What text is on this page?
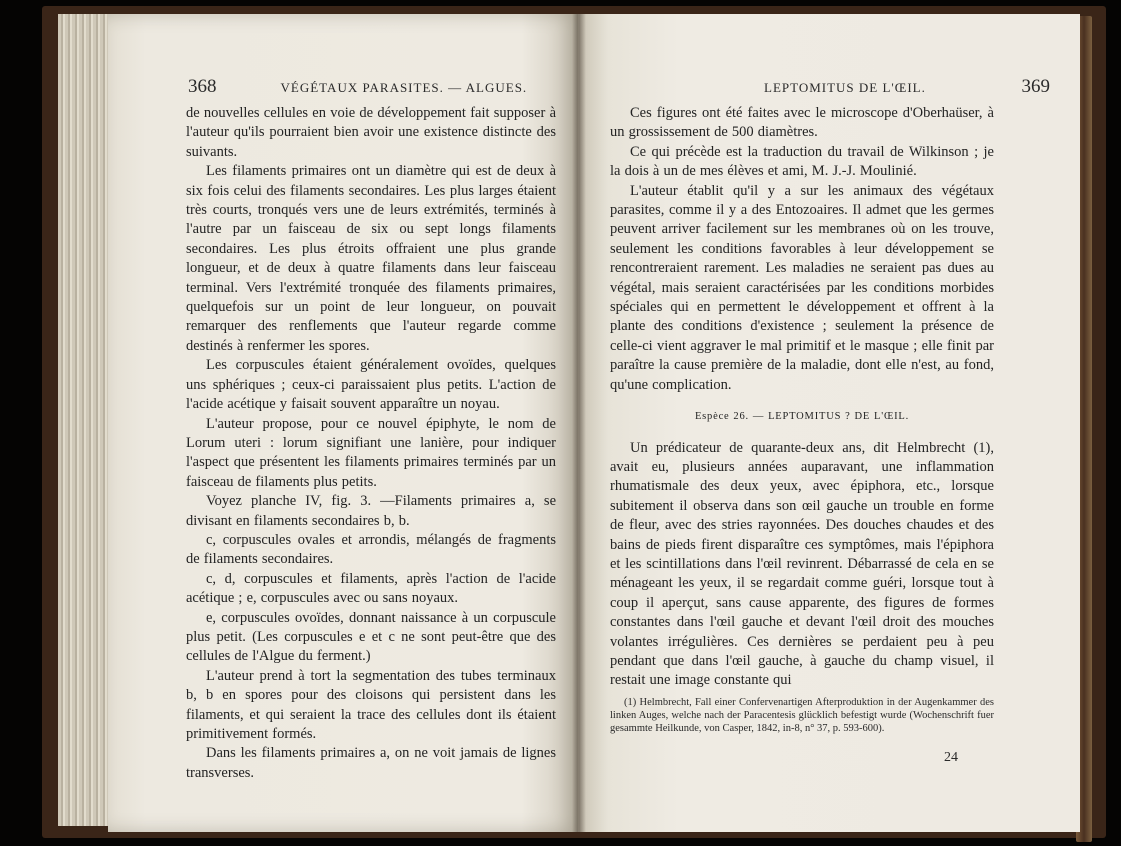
368	VÉGÉTAUX PARASITES. — ALGUES.

de nouvelles cellules en voie de développement fait supposer à l'auteur qu'ils pourraient bien avoir une existence distincte des suivants.

Les filaments primaires ont un diamètre qui est de deux à six fois celui des filaments secondaires. Les plus larges étaient très courts, tronqués vers une de leurs extrémités, terminés à l'autre par un faisceau de six ou sept longs filaments secondaires. Les plus étroits offraient une plus grande longueur, et de deux à quatre filaments dans leur faisceau terminal. Vers l'extrémité tronquée des filaments primaires, quelquefois sur un point de leur longueur, on pouvait remarquer des renflements que l'auteur regarde comme destinés à renfermer les spores.

Les corpuscules étaient généralement ovoïdes, quelques uns sphériques ; ceux-ci paraissaient plus petits. L'action de l'acide acétique y faisait souvent apparaître un noyau.

L'auteur propose, pour ce nouvel épiphyte, le nom de Lorum uteri : lorum signifiant une lanière, pour indiquer l'aspect que présentent les filaments primaires terminés par un faisceau de filaments plus petits.

Voyez planche IV, fig. 3. —Filaments primaires a, se divisant en filaments secondaires b, b.

c, corpuscules ovales et arrondis, mélangés de fragments de filaments secondaires.

c, d, corpuscules et filaments, après l'action de l'acide acétique ; e, corpuscules avec ou sans noyaux.

e, corpuscules ovoïdes, donnant naissance à un corpuscule plus petit. (Les corpuscules e et c ne sont peut-être que des cellules de l'Algue du ferment.)

L'auteur prend à tort la segmentation des tubes terminaux b, b en spores pour des cloisons qui persistent dans les filaments, et qui seraient la trace des cellules dont ils étaient primitivement formés.

Dans les filaments primaires a, on ne voit jamais de lignes transverses.

LEPTOMITUS DE L'ŒIL.	369

Ces figures ont été faites avec le microscope d'Oberhaüser, à un grossissement de 500 diamètres.

Ce qui précède est la traduction du travail de Wilkinson ; je la dois à un de mes élèves et ami, M. J.-J. Moulinié.

L'auteur établit qu'il y a sur les animaux des végétaux parasites, comme il y a des Entozoaires. Il admet que les germes peuvent arriver facilement sur les membranes où on les trouve, seulement les conditions favorables à leur développement se rencontreraient rarement. Les maladies ne seraient pas dues au végétal, mais seraient caractérisées par les conditions morbides spéciales qui en permettent le développement et offrent à la plante des conditions d'existence ; seulement la présence de celle-ci vient aggraver le mal primitif et le masque ; elle finit par paraître la cause première de la maladie, dont elle n'est, au fond, qu'une complication.

Espèce 26. — LEPTOMITUS ? DE L'ŒIL.

Un prédicateur de quarante-deux ans, dit Helmbrecht (1), avait eu, plusieurs années auparavant, une inflammation rhumatismale des deux yeux, avec épiphora, etc., lorsque subitement il observa dans son œil gauche un trouble en forme de fleur, avec des stries rayonnées. Des douches chaudes et des bains de pieds firent disparaître ces symptômes, mais l'épiphora et les scintillations dans l'œil revinrent. Débarrassé de cela en se ménageant les yeux, il se regardait comme guéri, lorsque tout à coup il aperçut, sans cause apparente, des figures de formes constantes dans l'œil gauche et devant l'œil droit des mouches volantes irrégulières. Ces dernières se perdaient peu à peu pendant que dans l'œil gauche, à gauche du champ visuel, il restait une image constante qui

(1) Helmbrecht, Fall einer Confervenartigen Afterproduktion in der Augenkammer des linken Auges, welche nach der Paracentesis glücklich befestigt wurde (Wochenschrift fuer gesammte Heilkunde, von Casper, 1842, in-8, n° 37, p. 593-600).

24
